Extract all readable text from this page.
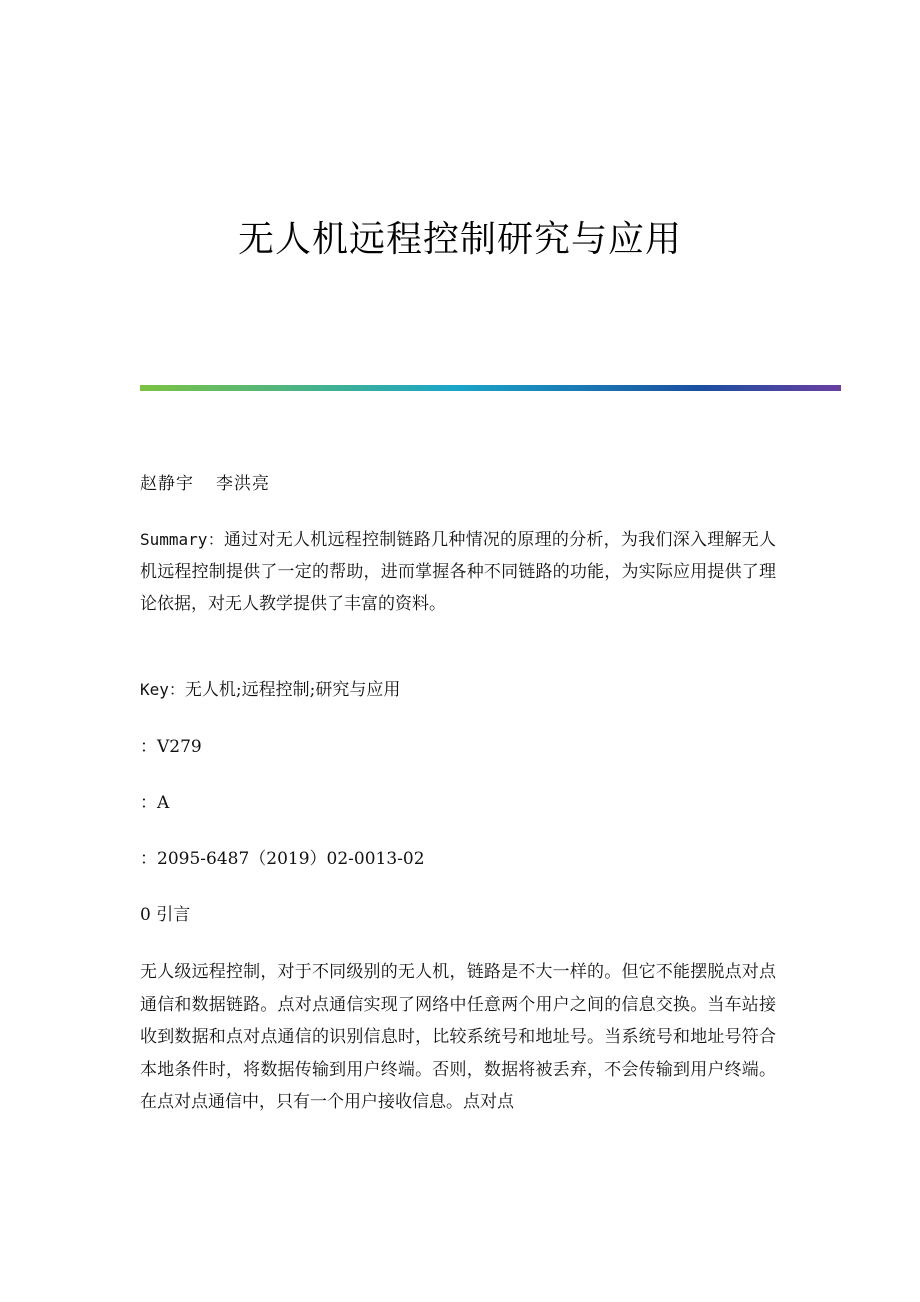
无人机远程控制研究与应用

赵静宇 李洪亮

Summary：通过对无人机远程控制链路几种情况的原理的分析，为我们深入理解无人机远程控制提供了一定的帮助，进而掌握各种不同链路的功能，为实际应用提供了理论依据，对无人教学提供了丰富的资料。

Key：无人机;远程控制;研究与应用

：V279

：A

：2095-6487（2019）02-0013-02

0 引言

无人级远程控制，对于不同级别的无人机，链路是不大一样的。但它不能摆脱点对点通信和数据链路。点对点通信实现了网络中任意两个用户之间的信息交换。当车站接收到数据和点对点通信的识别信息时，比较系统号和地址号。当系统号和地址号符合本地条件时，将数据传输到用户终端。否则，数据将被丢弃，不会传输到用户终端。在点对点通信中，只有一个用户接收信息。点对点
